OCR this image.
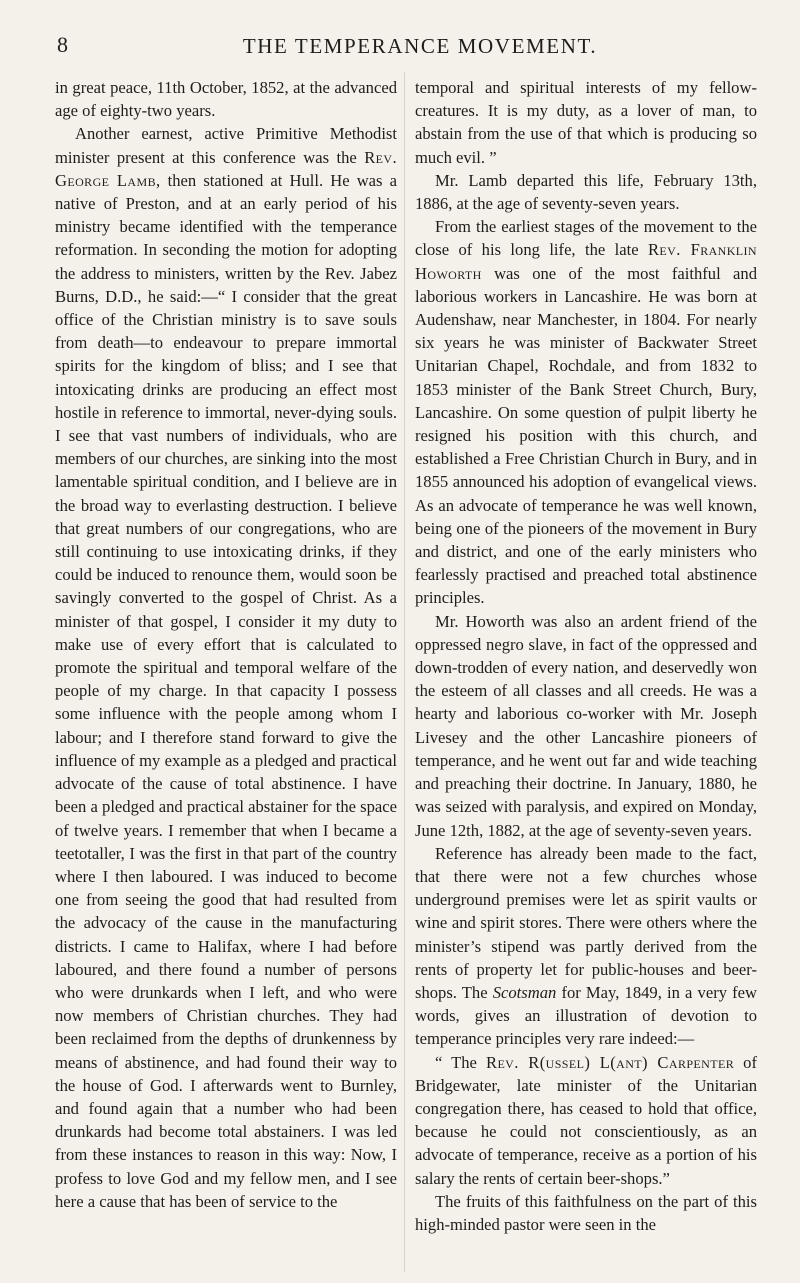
8	THE TEMPERANCE MOVEMENT.

in great peace, 11th October, 1852, at the advanced age of eighty-two years.

Another earnest, active Primitive Methodist minister present at this conference was the Rev. George Lamb, then stationed at Hull. He was a native of Preston, and at an early period of his ministry became identified with the temperance reformation. In seconding the motion for adopting the address to ministers, written by the Rev. Jabez Burns, D.D., he said:—“ I consider that the great office of the Christian ministry is to save souls from death—to endeavour to prepare immortal spirits for the kingdom of bliss; and I see that intoxicating drinks are producing an effect most hostile in reference to immortal, never-dying souls. I see that vast numbers of individuals, who are members of our churches, are sinking into the most lamentable spiritual condition, and I believe are in the broad way to everlasting destruction. I believe that great numbers of our congregations, who are still continuing to use intoxicating drinks, if they could be induced to renounce them, would soon be savingly converted to the gospel of Christ. As a minister of that gospel, I consider it my duty to make use of every effort that is calculated to promote the spiritual and temporal welfare of the people of my charge. In that capacity I possess some influence with the people among whom I labour; and I therefore stand forward to give the influence of my example as a pledged and practical advocate of the cause of total abstinence. I have been a pledged and practical abstainer for the space of twelve years. I remember that when I became a teetotaller, I was the first in that part of the country where I then laboured. I was induced to become one from seeing the good that had resulted from the advocacy of the cause in the manufacturing districts. I came to Halifax, where I had before laboured, and there found a number of persons who were drunkards when I left, and who were now members of Christian churches. They had been reclaimed from the depths of drunkenness by means of abstinence, and had found their way to the house of God. I afterwards went to Burnley, and found again that a number who had been drunkards had become total abstainers. I was led from these instances to reason in this way: Now, I profess to love God and my fellow men, and I see here a cause that has been of service to the

temporal and spiritual interests of my fellow-creatures. It is my duty, as a lover of man, to abstain from the use of that which is producing so much evil. ”

Mr. Lamb departed this life, February 13th, 1886, at the age of seventy-seven years.

From the earliest stages of the movement to the close of his long life, the late Rev. Franklin Howorth was one of the most faithful and laborious workers in Lancashire. He was born at Audenshaw, near Manchester, in 1804. For nearly six years he was minister of Backwater Street Unitarian Chapel, Rochdale, and from 1832 to 1853 minister of the Bank Street Church, Bury, Lancashire. On some question of pulpit liberty he resigned his position with this church, and established a Free Christian Church in Bury, and in 1855 announced his adoption of evangelical views. As an advocate of temperance he was well known, being one of the pioneers of the movement in Bury and district, and one of the early ministers who fearlessly practised and preached total abstinence principles.

Mr. Howorth was also an ardent friend of the oppressed negro slave, in fact of the oppressed and down-trodden of every nation, and deservedly won the esteem of all classes and all creeds. He was a hearty and laborious co-worker with Mr. Joseph Livesey and the other Lancashire pioneers of temperance, and he went out far and wide teaching and preaching their doctrine. In January, 1880, he was seized with paralysis, and expired on Monday, June 12th, 1882, at the age of seventy-seven years.

Reference has already been made to the fact, that there were not a few churches whose underground premises were let as spirit vaults or wine and spirit stores. There were others where the minister’s stipend was partly derived from the rents of property let for public-houses and beer-shops. The Scotsman for May, 1849, in a very few words, gives an illustration of devotion to temperance principles very rare indeed:—

“ The Rev. R(ussel) L(ant) Carpenter of Bridgewater, late minister of the Unitarian congregation there, has ceased to hold that office, because he could not conscientiously, as an advocate of temperance, receive as a portion of his salary the rents of certain beer-shops.”

The fruits of this faithfulness on the part of this high-minded pastor were seen in the
